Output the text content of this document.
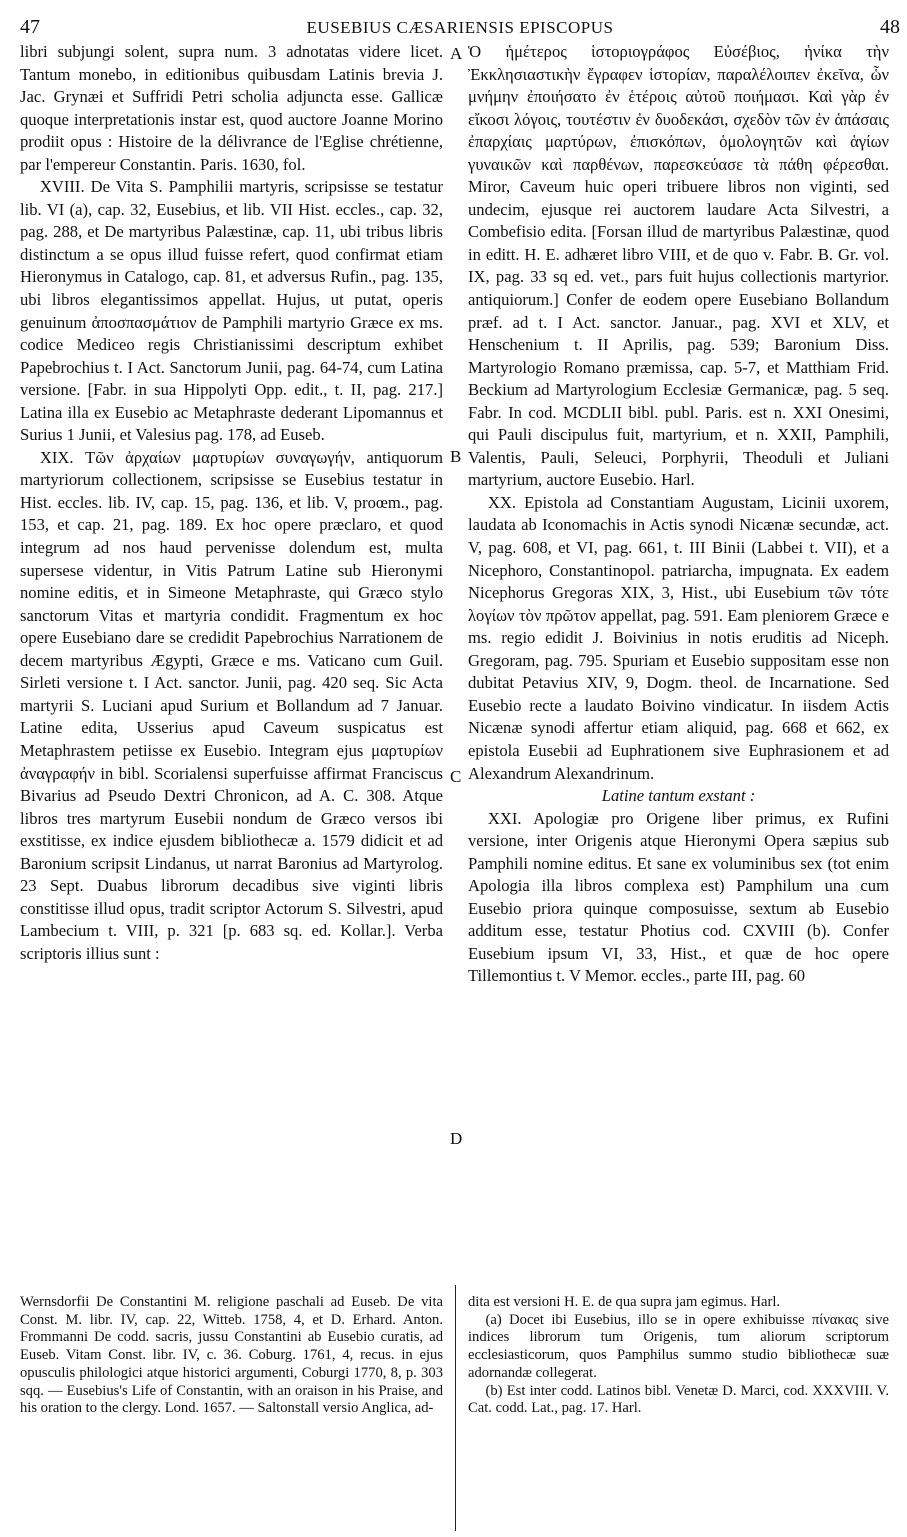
47	EUSEBIUS CÆSARIENSIS EPISCOPUS	48

libri subjungi solent, supra num. 3 adnotatas videre licet. Tantum monebo, in editionibus quibusdam Latinis brevia J. Jac. Grynæi et Suffridi Petri scholia adjuncta esse. Gallicæ quoque interpretationis instar est, quod auctore Joanne Morino prodiit opus : Histoire de la délivrance de l'Eglise chrétienne, par l'empereur Constantin. Paris. 1630, fol.

XVIII. De Vita S. Pamphilii martyris, scripsisse se testatur lib. VI (a), cap. 32, Eusebius, et lib. VII Hist. eccles., cap. 32, pag. 288, et De martyribus Palæstinæ, cap. 11, ubi tribus libris distinctum a se opus illud fuisse refert, quod confirmat etiam Hieronymus in Catalogo, cap. 81, et adversus Rufin., pag. 135, ubi libros elegantissimos appellat. Hujus, ut putat, operis genuinum ἀποσπασμάτιον de Pamphili martyrio Græce ex ms. codice Mediceo regis Christianissimi descriptum exhibet Papebrochius t. I Act. Sanctorum Junii, pag. 64-74, cum Latina versione. [Fabr. in sua Hippolyti Opp. edit., t. II, pag. 217.] Latina illa ex Eusebio ac Metaphraste dederant Lipomannus et Surius 1 Junii, et Valesius pag. 178, ad Euseb.

XIX. Τῶν ἀρχαίων μαρτυρίων συναγωγήν, antiquorum martyriorum collectionem, scripsisse se Eusebius testatur in Hist. eccles. lib. IV, cap. 15, pag. 136, et lib. V, proœm., pag. 153, et cap. 21, pag. 189. Ex hoc opere præclaro, et quod integrum ad nos haud pervenisse dolendum est, multa supersese videntur, in Vitis Patrum Latine sub Hieronymi nomine editis, et in Simeone Metaphraste, qui Græco stylo sanctorum Vitas et martyria condidit. Fragmentum ex hoc opere Eusebiano dare se credidit Papebrochius Narrationem de decem martyribus Ægypti, Græce e ms. Vaticano cum Guil. Sirleti versione t. I Act. sanctor. Junii, pag. 420 seq. Sic Acta martyrii S. Luciani apud Surium et Bollandum ad 7 Januar. Latine edita, Usserius apud Caveum suspicatus est Metaphrastem petiisse ex Eusebio. Integram ejus μαρτυρίων ἀναγραφήν in bibl. Scorialensi superfuisse affirmat Franciscus Bivarius ad Pseudo Dextri Chronicon, ad A. C. 308. Atque libros tres martyrum Eusebii nondum de Græco versos ibi exstitisse, ex indice ejusdem bibliothecæ a. 1579 didicit et ad Baronium scripsit Lindanus, ut narrat Baronius ad Martyrolog. 23 Sept. Duabus librorum decadibus sive viginti libris constitisse illud opus, tradit scriptor Actorum S. Silvestri, apud Lambecium t. VIII, p. 321 [p. 683 sq. ed. Kollar.]. Verba scriptoris illius sunt :

Ὁ ἡμέτερος ἱστοριογράφος Εὐσέβιος, ἡνίκα τὴν Ἐκκλησιαστικὴν ἔγραφεν ἱστορίαν, παραλέλοιπεν ἐκεῖνα, ὧν μνήμην ἐποιήσατο ἐν ἑτέροις αὐτοῦ ποιήμασι. Καὶ γὰρ ἐν εἴκοσι λόγοις, τουτέστιν ἐν δυοδεκάσι, σχεδὸν τῶν ἐν ἁπάσαις ἐπαρχίαις μαρτύρων, ἐπισκόπων, ὁμολογητῶν καὶ ἁγίων γυναικῶν καὶ παρθένων, παρεσκεύασε τὰ πάθη φέρεσθαι. Miror, Caveum huic operi tribuere libros non viginti, sed undecim, ejusque rei auctorem laudare Acta Silvestri, a Combefisio edita. [Forsan illud de martyribus Palæstinæ, quod in editt. H. E. adhæret libro VIII, et de quo v. Fabr. B. Gr. vol. IX, pag. 33 sq ed. vet., pars fuit hujus collectionis martyrior. antiquiorum.] Confer de eodem opere Eusebiano Bollandum præf. ad t. I Act. sanctor. Januar., pag. XVI et XLV, et Henschenium t. II Aprilis, pag. 539; Baronium Diss. Martyrologio Romano præmissa, cap. 5-7, et Matthiam Frid. Beckium ad Martyrologium Ecclesiæ Germanicæ, pag. 5 seq. Fabr. In cod. MCDLII bibl. publ. Paris. est n. XXI Onesimi, qui Pauli discipulus fuit, martyrium, et n. XXII, Pamphili, Valentis, Pauli, Seleuci, Porphyrii, Theoduli et Juliani martyrium, auctore Eusebio. Harl.

XX. Epistola ad Constantiam Augustam, Licinii uxorem, laudata ab Iconomachis in Actis synodi Nicænæ secundæ, act. V, pag. 608, et VI, pag. 661, t. III Binii (Labbei t. VII), et a Nicephoro, Constantinopol. patriarcha, impugnata. Ex eadem Nicephorus Gregoras XIX, 3, Hist., ubi Eusebium τῶν τότε λογίων τὸν πρῶτον appellat, pag. 591. Eam pleniorem Græce e ms. regio edidit J. Boivinius in notis eruditis ad Niceph. Gregoram, pag. 795. Spuriam et Eusebio suppositam esse non dubitat Petavius XIV, 9, Dogm. theol. de Incarnatione. Sed Eusebio recte a laudato Boivino vindicatur. In iisdem Actis Nicænæ synodi affertur etiam aliquid, pag. 668 et 662, ex epistola Eusebii ad Euphrationem sive Euphrasionem et ad Alexandrum Alexandrinum.

Latine tantum exstant :

XXI. Apologiæ pro Origene liber primus, ex Rufini versione, inter Origenis atque Hieronymi Opera sæpius sub Pamphili nomine editus. Et sane ex voluminibus sex (tot enim Apologia illa libros complexa est) Pamphilum una cum Eusebio priora quinque composuisse, sextum ab Eusebio additum esse, testatur Photius cod. CXVIII (b). Confer Eusebium ipsum VI, 33, Hist., et quæ de hoc opere Tillemontius t. V Memor. eccles., parte III, pag. 60

A
B
C
D

Wernsdorfii De Constantini M. religione paschali ad Euseb. De vita Const. M. libr. IV, cap. 22, Witteb. 1758, 4, et D. Erhard. Anton. Frommanni De codd. sacris, jussu Constantini ab Eusebio curatis, ad Euseb. Vitam Const. libr. IV, c. 36. Coburg. 1761, 4, recus. in ejus opusculis philologici atque historici argumenti, Coburgi 1770, 8, p. 303 sqq. — Eusebius's Life of Constantin, with an oraison in his Praise, and his oration to the clergy. Lond. 1657. — Saltonstall versio Anglica, ad-

dita est versioni H. E. de qua supra jam egimus. Harl.

(a) Docet ibi Eusebius, illo se in opere exhibuisse πίνακας sive indices librorum tum Origenis, tum aliorum scriptorum ecclesiasticorum, quos Pamphilus summo studio bibliothecæ suæ adornandæ collegerat.

(b) Est inter codd. Latinos bibl. Venetæ D. Marci, cod. XXXVIII. V. Cat. codd. Lat., pag. 17. Harl.
